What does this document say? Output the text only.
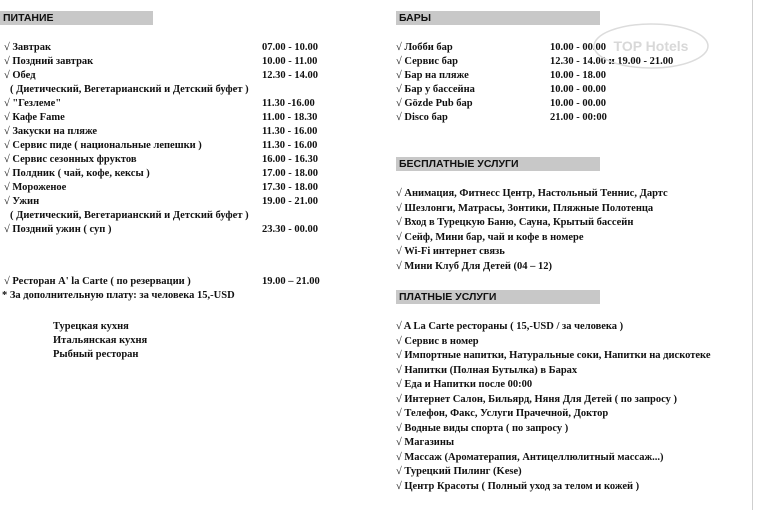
ПИТАНИЕ
√ Завтрак	07.00 - 10.00
√ Поздний завтрак	10.00 - 11.00
√ Обед	12.30 - 14.00
( Диетический, Вегетарианский и Детский буфет )
√ "Гезлеме"	11.30 -16.00
√ Кафе Fame	11.00 - 18.30
√ Закуски на пляже	11.30 - 16.00
√ Сервис пиде ( национальные лепешки )	11.30 - 16.00
√ Сервис сезонных фруктов	16.00 - 16.30
√ Полдник ( чай, кофе, кексы )	17.00 - 18.00
√ Мороженое	17.30 - 18.00
√ Ужин	19.00 - 21.00
( Диетический, Вегетарианский и Детский буфет )
√ Поздний ужин ( суп )	23.30 - 00.00
√ Ресторан A' la Carte ( по резервации )	19.00 – 21.00
* За дополнительную плату: за человека 15,-USD
Турецкая кухня
Итальянская кухня
Рыбный ресторан
БАРЫ
√ Лобби бар	10.00 - 00.00
√ Сервис бар	12.30 - 14.00 и 19.00 - 21.00
√ Бар на пляже	10.00 - 18.00
√ Бар у бассейна	10.00 - 00.00
√ Gözde Pub бар	10.00 - 00.00
√ Disco бар	21.00 - 00:00
БЕСПЛАТНЫЕ УСЛУГИ
√ Анимация, Фитнесс Центр, Настольный Теннис, Дартс
√ Шезлонги, Матрасы, Зонтики, Пляжные Полотенца
√ Вход в Турецкую Баню, Сауна, Крытый бассейн
√ Сейф, Мини бар, чай и кофе в номере
√ Wi-Fi интернет связь
√ Мини Клуб Для Детей (04 – 12)
ПЛАТНЫЕ УСЛУГИ
√ A La Carte рестораны ( 15,-USD / за человека )
√ Сервис в номер
√ Импортные напитки, Натуральные соки, Напитки на дискотеке
√ Напитки (Полная Бутылка) в Барах
√ Еда и Напитки после 00:00
√ Интернет Салон, Бильярд, Няня Для Детей ( по запросу )
√ Телефон, Факс, Услуги Прачечной, Доктор
√ Водные виды спорта ( по запросу )
√ Магазины
√ Массаж (Ароматерапия, Антицеллюлитный массаж...)
√ Турецкий Пилинг (Kese)
√ Центр Красоты ( Полный уход за телом и кожей )
TOP Hotels
